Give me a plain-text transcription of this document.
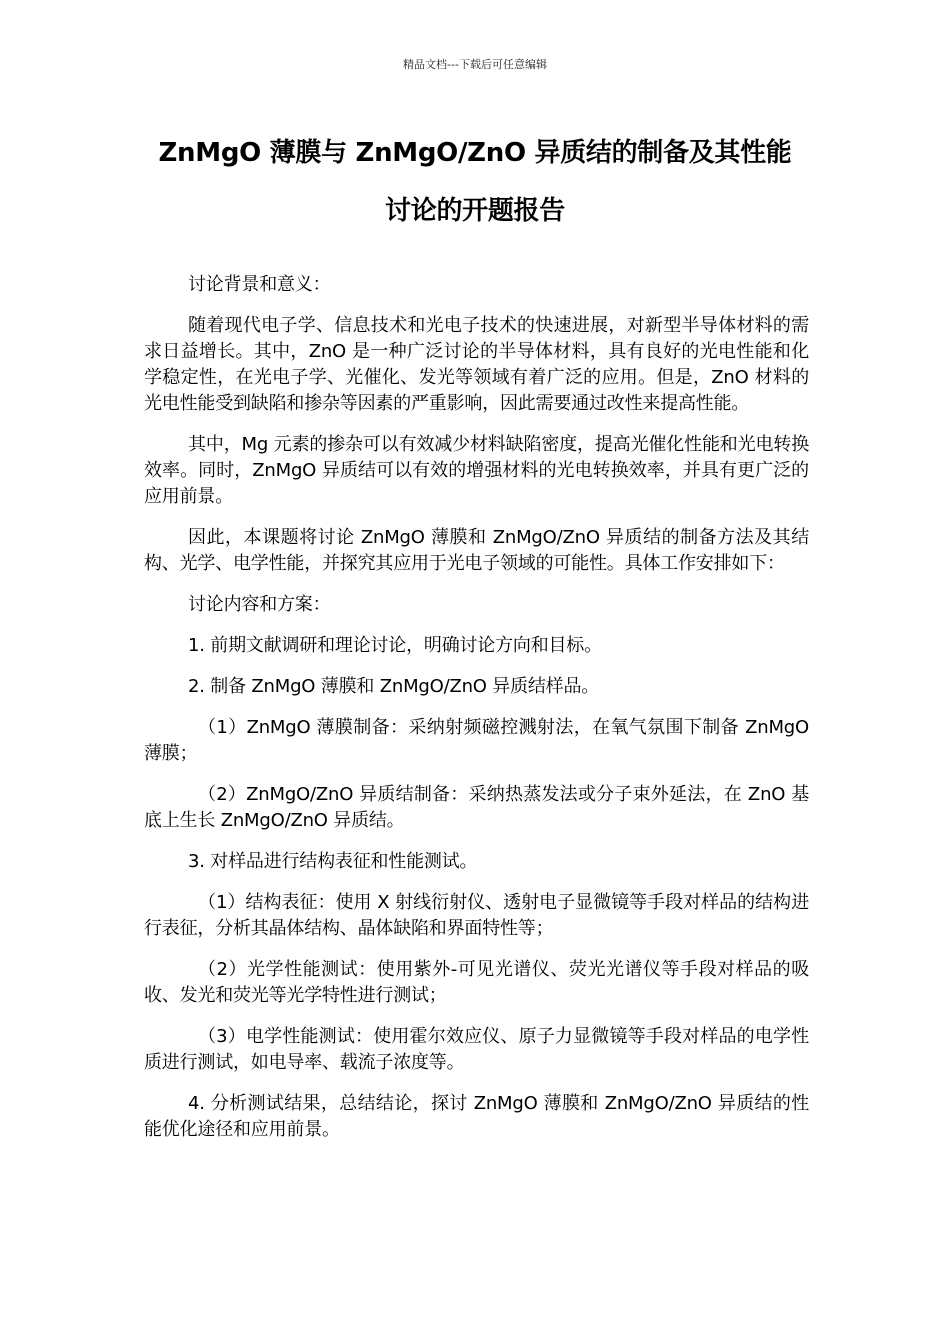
精品文档---下载后可任意编辑
ZnMgO 薄膜与 ZnMgO/ZnO 异质结的制备及其性能
讨论的开题报告

讨论背景和意义：

随着现代电子学、信息技术和光电子技术的快速进展，对新型半导体材料的需求日益增长。其中，ZnO 是一种广泛讨论的半导体材料，具有良好的光电性能和化学稳定性，在光电子学、光催化、发光等领域有着广泛的应用。但是，ZnO 材料的光电性能受到缺陷和掺杂等因素的严重影响，因此需要通过改性来提高性能。

其中，Mg 元素的掺杂可以有效减少材料缺陷密度，提高光催化性能和光电转换效率。同时，ZnMgO 异质结可以有效的增强材料的光电转换效率，并具有更广泛的应用前景。

因此，本课题将讨论 ZnMgO 薄膜和 ZnMgO/ZnO 异质结的制备方法及其结构、光学、电学性能，并探究其应用于光电子领域的可能性。具体工作安排如下：

讨论内容和方案：

1. 前期文献调研和理论讨论，明确讨论方向和目标。

2. 制备 ZnMgO 薄膜和 ZnMgO/ZnO 异质结样品。

（1）ZnMgO 薄膜制备：采纳射频磁控溅射法，在氧气氛围下制备 ZnMgO 薄膜；

（2）ZnMgO/ZnO 异质结制备：采纳热蒸发法或分子束外延法，在 ZnO 基底上生长 ZnMgO/ZnO 异质结。

3. 对样品进行结构表征和性能测试。

（1）结构表征：使用 X 射线衍射仪、透射电子显微镜等手段对样品的结构进行表征，分析其晶体结构、晶体缺陷和界面特性等；

（2）光学性能测试：使用紫外-可见光谱仪、荧光光谱仪等手段对样品的吸收、发光和荧光等光学特性进行测试；

（3）电学性能测试：使用霍尔效应仪、原子力显微镜等手段对样品的电学性质进行测试，如电导率、载流子浓度等。

4. 分析测试结果，总结结论，探讨 ZnMgO 薄膜和 ZnMgO/ZnO 异质结的性能优化途径和应用前景。
